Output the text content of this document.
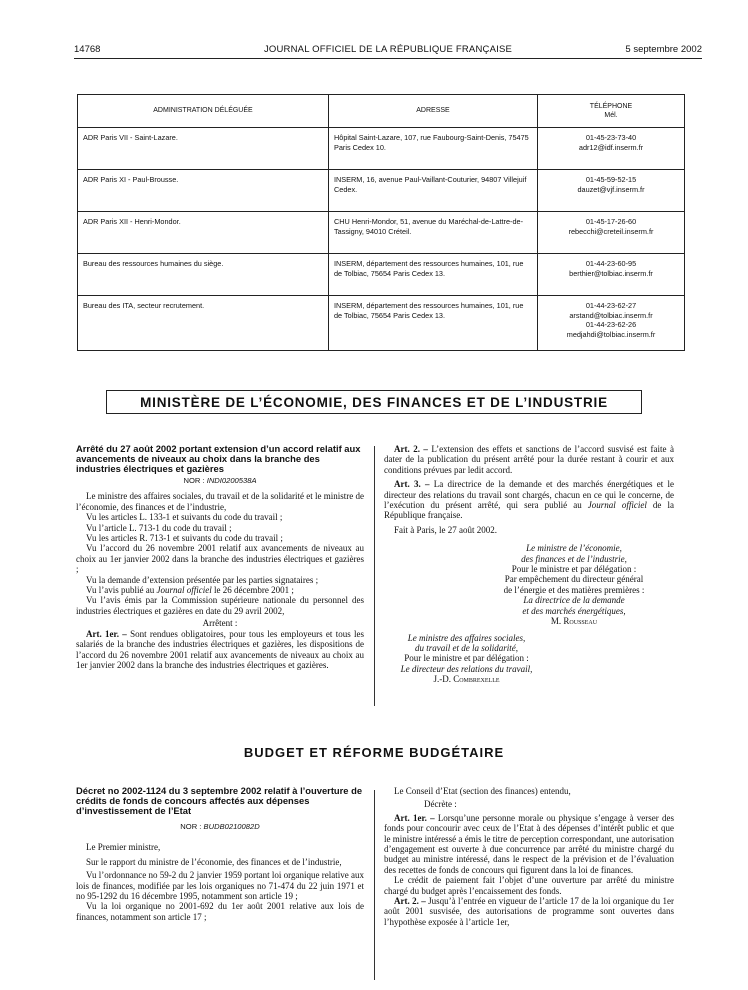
14768	JOURNAL OFFICIEL DE LA RÉPUBLIQUE FRANÇAISE	5 septembre 2002
ADMINISTRATION DÉLÉGUÉE	ADRESSE	TÉLÉPHONE
Mél.

ADR Paris VII - Saint-Lazare.	Hôpital Saint-Lazare, 107, rue Faubourg-Saint-Denis, 75475 Paris Cedex 10.	01-45-23-73-40
adr12@idf.inserm.fr

ADR Paris XI - Paul-Brousse.	INSERM, 16, avenue Paul-Vaillant-Couturier, 94807 Villejuif Cedex.	01-45-59-52-15
dauzet@vjf.inserm.fr

ADR Paris XII - Henri-Mondor.	CHU Henri-Mondor, 51, avenue du Maréchal-de-Lattre-de-Tassigny, 94010 Créteil.	01-45-17-26-60
rebecchi@creteil.inserm.fr

Bureau des ressources humaines du siège.	INSERM, département des ressources humaines, 101, rue de Tolbiac, 75654 Paris Cedex 13.	01-44-23-60-95
berthier@tolbiac.inserm.fr

Bureau des ITA, secteur recrutement.	INSERM, département des ressources humaines, 101, rue de Tolbiac, 75654 Paris Cedex 13.	01-44-23-62-27
arstand@tolbiac.inserm.fr
01-44-23-62-26
medjahdi@tolbiac.inserm.fr
MINISTÈRE DE L’ÉCONOMIE, DES FINANCES ET DE L’INDUSTRIE

Arrêté du 27 août 2002 portant extension d’un accord relatif aux avancements de niveaux au choix dans la branche des industries électriques et gazières

NOR : INDI0200538A

Le ministre des affaires sociales, du travail et de la solidarité et le ministre de l’économie, des finances et de l’industrie,

Vu les articles L. 133-1 et suivants du code du travail ;

Vu l’article L. 713-1 du code du travail ;

Vu les articles R. 713-1 et suivants du code du travail ;

Vu l’accord du 26 novembre 2001 relatif aux avancements de niveaux au choix au 1er janvier 2002 dans la branche des industries électriques et gazières ;

Vu la demande d’extension présentée par les parties signataires ;

Vu l’avis publié au Journal officiel le 26 décembre 2001 ;

Vu l’avis émis par la Commission supérieure nationale du personnel des industries électriques et gazières en date du 29 avril 2002,

Arrêtent :

Art. 1er. – Sont rendues obligatoires, pour tous les employeurs et tous les salariés de la branche des industries électriques et gazières, les dispositions de l’accord du 26 novembre 2001 relatif aux avancements de niveaux au choix au 1er janvier 2002 dans la branche des industries électriques et gazières.

Art. 2. – L’extension des effets et sanctions de l’accord susvisé est faite à dater de la publication du présent arrêté pour la durée restant à courir et aux conditions prévues par ledit accord.

Art. 3. – La directrice de la demande et des marchés énergétiques et le directeur des relations du travail sont chargés, chacun en ce qui le concerne, de l’exécution du présent arrêté, qui sera publié au Journal officiel de la République française.

Fait à Paris, le 27 août 2002.

Le ministre de l’économie,
des finances et de l’industrie,
Pour le ministre et par délégation :
Par empêchement du directeur général
de l’énergie et des matières premières :
La directrice de la demande
et des marchés énergétiques,
M. Rousseau
Le ministre des affaires sociales,
du travail et de la solidarité,
Pour le ministre et par délégation :
Le directeur des relations du travail,
J.-D. Combrexelle
BUDGET ET RÉFORME BUDGÉTAIRE

Décret no 2002-1124 du 3 septembre 2002 relatif à l’ouverture de crédits de fonds de concours affectés aux dépenses d’investissement de l’Etat

NOR : BUDB0210082D

Le Premier ministre,

Sur le rapport du ministre de l’économie, des finances et de l’industrie,

Vu l’ordonnance no 59-2 du 2 janvier 1959 portant loi organique relative aux lois de finances, modifiée par les lois organiques no 71-474 du 22 juin 1971 et no 95-1292 du 16 décembre 1995, notamment son article 19 ;

Vu la loi organique no 2001-692 du 1er août 2001 relative aux lois de finances, notamment son article 17 ;

Le Conseil d’Etat (section des finances) entendu,

Décrète :

Art. 1er. – Lorsqu’une personne morale ou physique s’engage à verser des fonds pour concourir avec ceux de l’Etat à des dépenses d’intérêt public et que le ministre intéressé a émis le titre de perception correspondant, une autorisation d’engagement est ouverte à due concurrence par arrêté du ministre chargé du budget au ministre intéressé, dans le respect de la prévision et de l’évaluation des recettes de fonds de concours qui figurent dans la loi de finances.

Le crédit de paiement fait l’objet d’une ouverture par arrêté du ministre chargé du budget après l’encaissement des fonds.

Art. 2. – Jusqu’à l’entrée en vigueur de l’article 17 de la loi organique du 1er août 2001 susvisée, des autorisations de programme sont ouvertes dans l’hypothèse exposée à l’article 1er,
